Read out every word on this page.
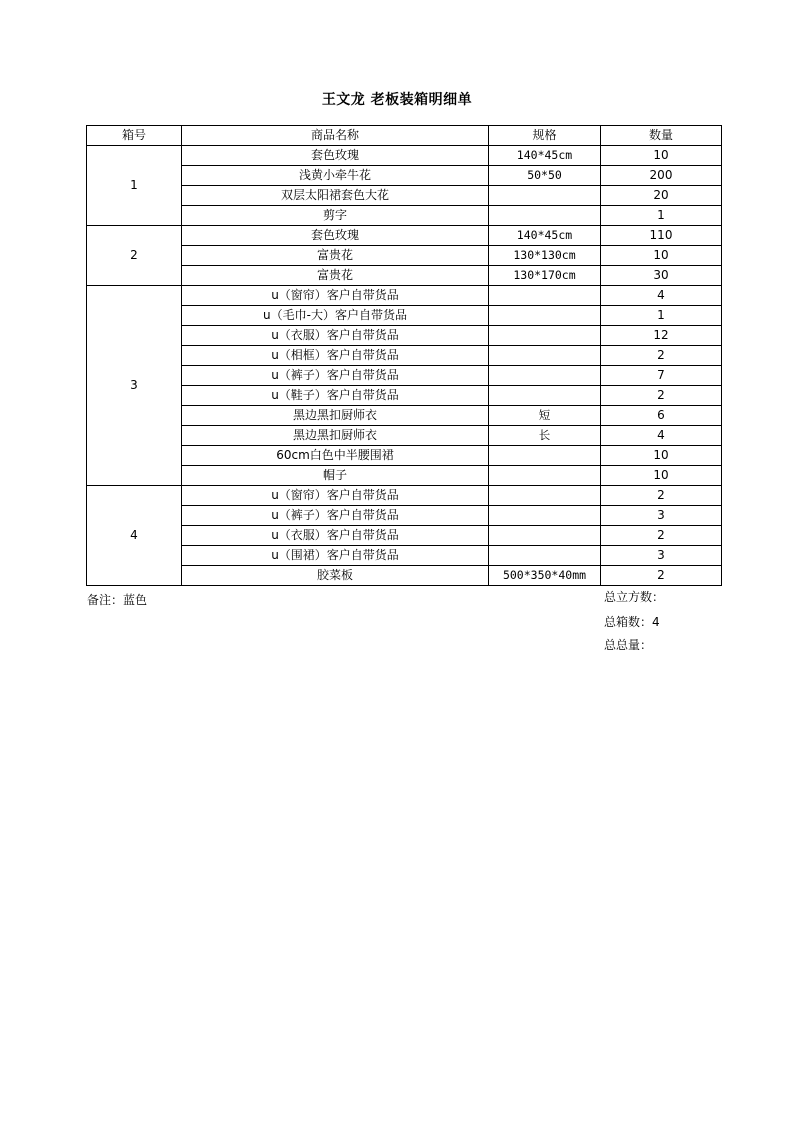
王文龙 老板装箱明细单
箱号	商品名称	规格	数量
1	套色玫瑰	140*45cm	10
	浅黄小牵牛花	50*50	200
	双层太阳裙套色大花		20
	剪字		1
2	套色玫瑰	140*45cm	110
	富贵花	130*130cm	10
	富贵花	130*170cm	30
3	u（窗帘）客户自带货品		4
	u（毛巾-大）客户自带货品		1
	u（衣服）客户自带货品		12
	u（相框）客户自带货品		2
	u（裤子）客户自带货品		7
	u（鞋子）客户自带货品		2
	黑边黑扣厨师衣	短	6
	黑边黑扣厨师衣	长	4
	60cm白色中半腰围裙		10
	帽子		10
4	u（窗帘）客户自带货品		2
	u（裤子）客户自带货品		3
	u（衣服）客户自带货品		2
	u（围裙）客户自带货品		3
	胶菜板	500*350*40mm	2
备注：蓝色	总立方数：
总箱数：4
总总量：
